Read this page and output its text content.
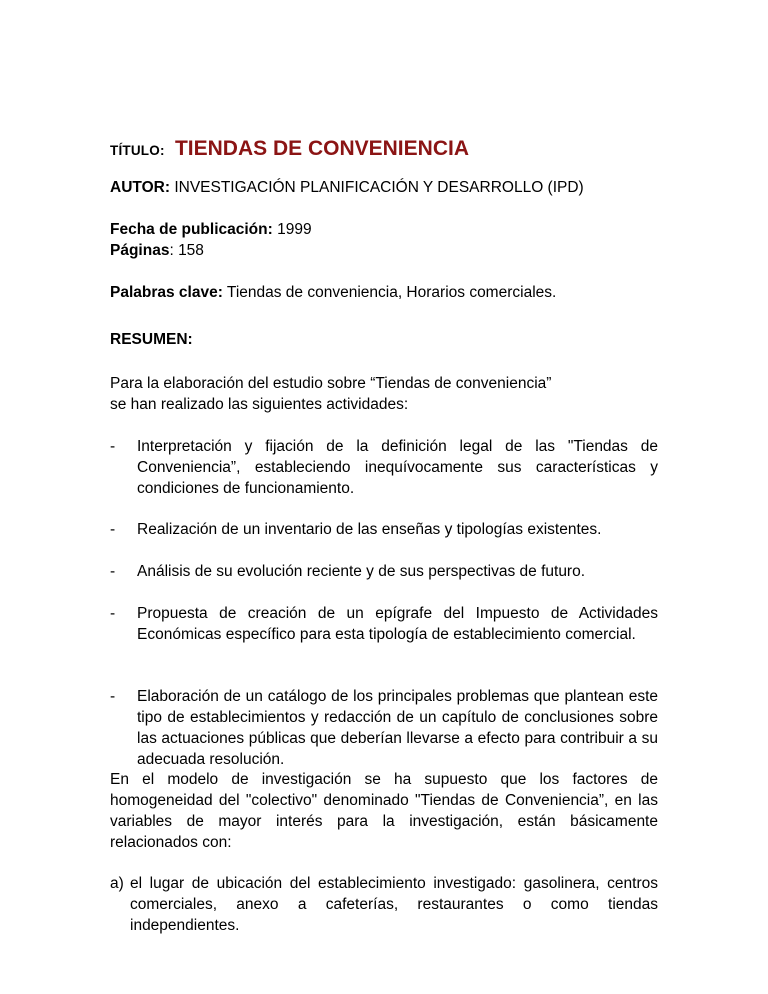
TÍTULO: TIENDAS DE CONVENIENCIA
AUTOR: INVESTIGACIÓN PLANIFICACIÓN Y DESARROLLO (IPD)
Fecha de publicación: 1999
Páginas: 158
Palabras clave: Tiendas de conveniencia, Horarios comerciales.
RESUMEN:

Para la elaboración del estudio sobre “Tiendas de conveniencia” se han realizado las siguientes actividades:

- Interpretación y fijación de la definición legal de las "Tiendas de Conveniencia”, estableciendo inequívocamente sus características y condiciones de funcionamiento.

- Realización de un inventario de las enseñas y tipologías existentes.

- Análisis de su evolución reciente y de sus perspectivas de futuro.

- Propuesta de creación de un epígrafe del Impuesto de Actividades Económicas específico para esta tipología de establecimiento comercial.

- Elaboración de un catálogo de los principales problemas que plantean este tipo de establecimientos y redacción de un capítulo de conclusiones sobre las actuaciones públicas que deberían llevarse a efecto para contribuir a su adecuada resolución.

En el modelo de investigación se ha supuesto que los factores de homogeneidad del "colectivo" denominado "Tiendas de Conveniencia”, en las variables de mayor interés para la investigación, están básicamente relacionados con:

a) el lugar de ubicación del establecimiento investigado: gasolinera, centros comerciales, anexo a cafeterías, restaurantes o como tiendas independientes.
